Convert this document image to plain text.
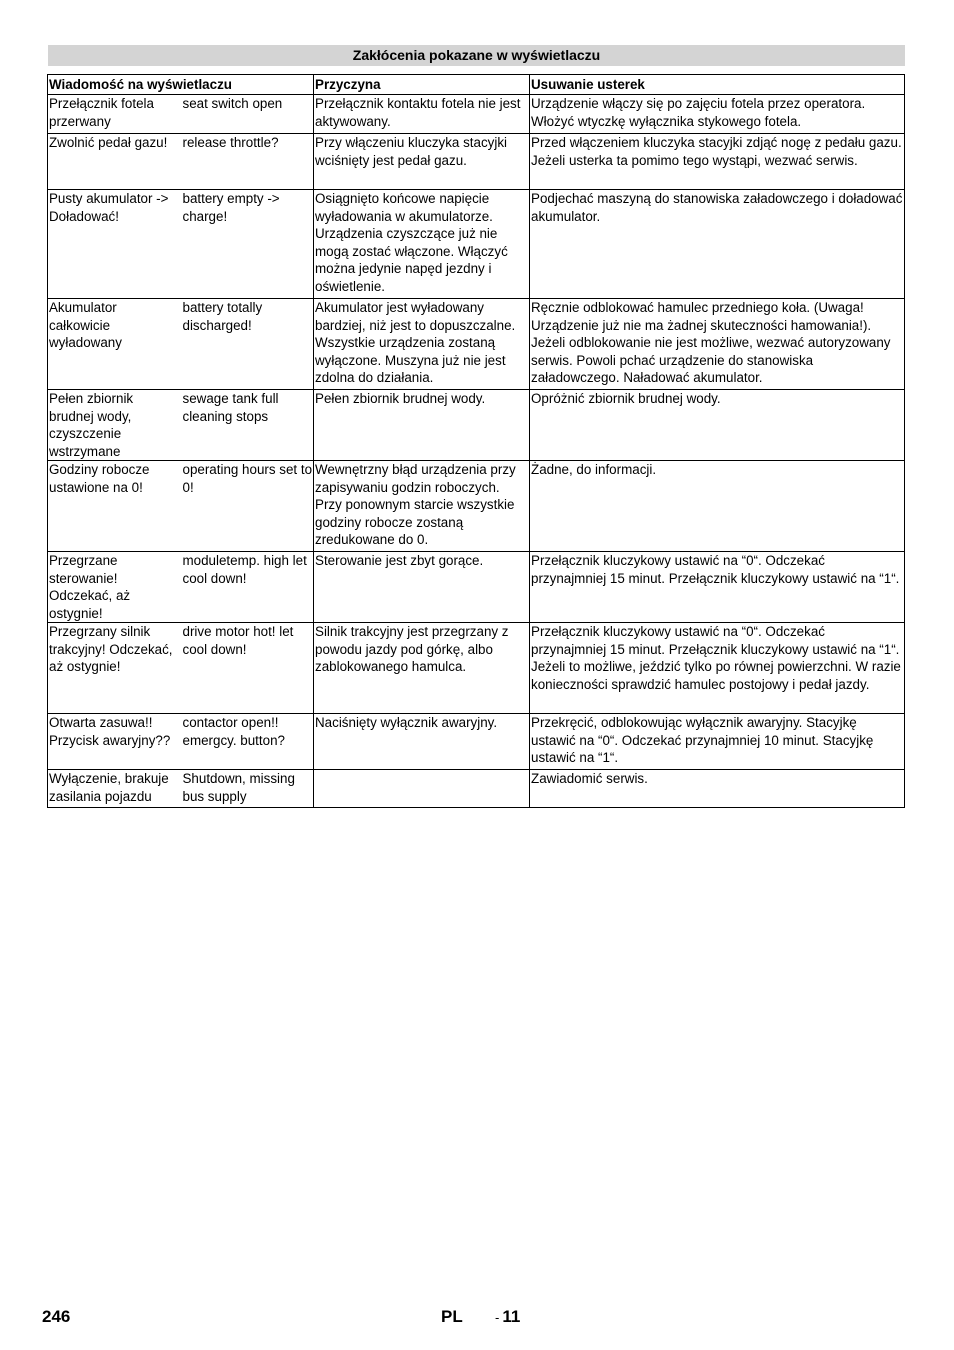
Zakłócenia pokazane w wyświetlaczu
Wiadomość na wyświetlaczu		Przyczyna	Usuwanie usterek
Przełącznik fotela przerwany	seat switch open	Przełącznik kontaktu fotela nie jest aktywowany.	Urządzenie włączy się po zajęciu fotela przez operatora. Włożyć wtyczkę wyłącznika stykowego fotela.
Zwolnić pedał gazu!	release throttle?	Przy włączeniu kluczyka stacyjki wciśnięty jest pedał gazu.	Przed włączeniem kluczyka stacyjki zdjąć nogę z pedału gazu. Jeżeli usterka ta pomimo tego wystąpi, wezwać serwis.
Pusty akumulator -> Doładować!	battery empty -> charge!	Osiągnięto końcowe napięcie wyładowania w akumulatorze. Urządzenia czyszczące już nie mogą zostać włączone. Włączyć można jedynie napęd jezdny i oświetlenie.	Podjechać maszyną do stanowiska załadowczego i doładować akumulator.
Akumulator całkowicie wyładowany	battery totally discharged!	Akumulator jest wyładowany bardziej, niż jest to dopuszczalne. Wszystkie urządzenia zostaną wyłączone. Muszyna już nie jest zdolna do działania.	Ręcznie odblokować hamulec przedniego koła. (Uwaga! Urządzenie już nie ma żadnej skuteczności hamowania!). Jeżeli odblokowanie nie jest możliwe, wezwać autoryzowany serwis. Powoli pchać urządzenie do stanowiska załadowczego. Naładować akumulator.
Pełen zbiornik brudnej wody, czyszczenie wstrzymane	sewage tank full cleaning stops	Pełen zbiornik brudnej wody.	Opróżnić zbiornik brudnej wody.
Godziny robocze ustawione na 0!	operating hours set to 0!	Wewnętrzny błąd urządzenia przy zapisywaniu godzin roboczych. Przy ponownym starcie wszystkie godziny robocze zostaną zredukowane do 0.	Żadne, do informacji.
Przegrzane sterowanie! Odczekać, aż ostygnie!	moduletemp. high let cool down!	Sterowanie jest zbyt gorące.	Przełącznik kluczykowy ustawić na “0“. Odczekać przynajmniej 15 minut. Przełącznik kluczykowy ustawić na “1“.
Przegrzany silnik trakcyjny! Odczekać, aż ostygnie!	drive motor hot! let cool down!	Silnik trakcyjny jest przegrzany z powodu jazdy pod górkę, albo zablokowanego hamulca.	Przełącznik kluczykowy ustawić na “0“. Odczekać przynajmniej 15 minut. Przełącznik kluczykowy ustawić na “1“. Jeżeli to możliwe, jeździć tylko po równej powierzchni. W razie konieczności sprawdzić hamulec postojowy i pedał jazdy.
Otwarta zasuwa!! Przycisk awaryjny??	contactor open!! emergcy. button?	Naciśnięty wyłącznik awaryjny.	Przekręcić, odblokowując wyłącznik awaryjny. Stacyjkę ustawić na “0“. Odczekać przynajmniej 10 minut. Stacyjkę ustawić na “1“.
Wyłączenie, brakuje zasilania pojazdu	Shutdown, missing bus supply		Zawiadomić serwis.
246	PL - 11
